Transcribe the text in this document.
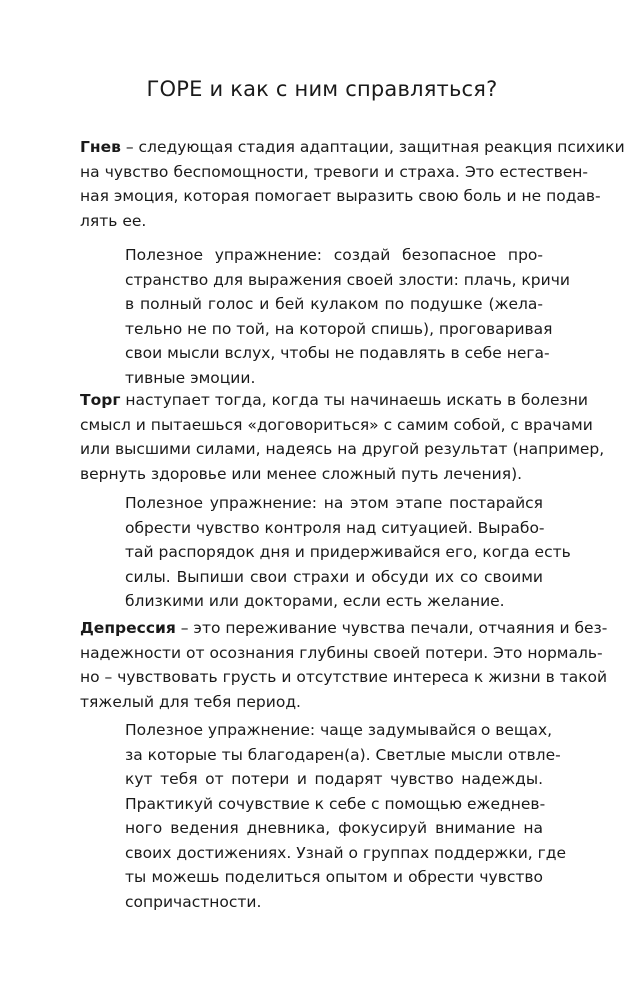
ГОРЕ и как с ним справляться?

Гнев – следующая стадия адаптации, защитная реакция психики
на чувство беспомощности, тревоги и страха. Это естествен-
ная эмоция, которая помогает выразить свою боль и не подав-
лять ее.

Полезное упражнение: создай безопасное про-
странство для выражения своей злости: плачь, кричи
в полный голос и бей кулаком по подушке (жела-
тельно не по той, на которой спишь), проговаривая
свои мысли вслух, чтобы не подавлять в себе нега-
тивные эмоции.

Торг наступает тогда, когда ты начинаешь искать в болезни
смысл и пытаешься «договориться» с самим собой, с врачами
или высшими силами, надеясь на другой результат (например,
вернуть здоровье или менее сложный путь лечения).

Полезное упражнение: на этом этапе постарайся
обрести чувство контроля над ситуацией. Вырабо-
тай распорядок дня и придерживайся его, когда есть
силы. Выпиши свои страхи и обсуди их со своими
близкими или докторами, если есть желание.

Депрессия – это переживание чувства печали, отчаяния и без-
надежности от осознания глубины своей потери. Это нормаль-
но – чувствовать грусть и отсутствие интереса к жизни в такой
тяжелый для тебя период.

Полезное упражнение: чаще задумывайся о вещах,
за которые ты благодарен(а). Светлые мысли отвле-
кут тебя от потери и подарят чувство надежды.
Практикуй сочувствие к себе с помощью ежеднев-
ного ведения дневника, фокусируй внимание на
своих достижениях. Узнай о группах поддержки, где
ты можешь поделиться опытом и обрести чувство
сопричастности.
